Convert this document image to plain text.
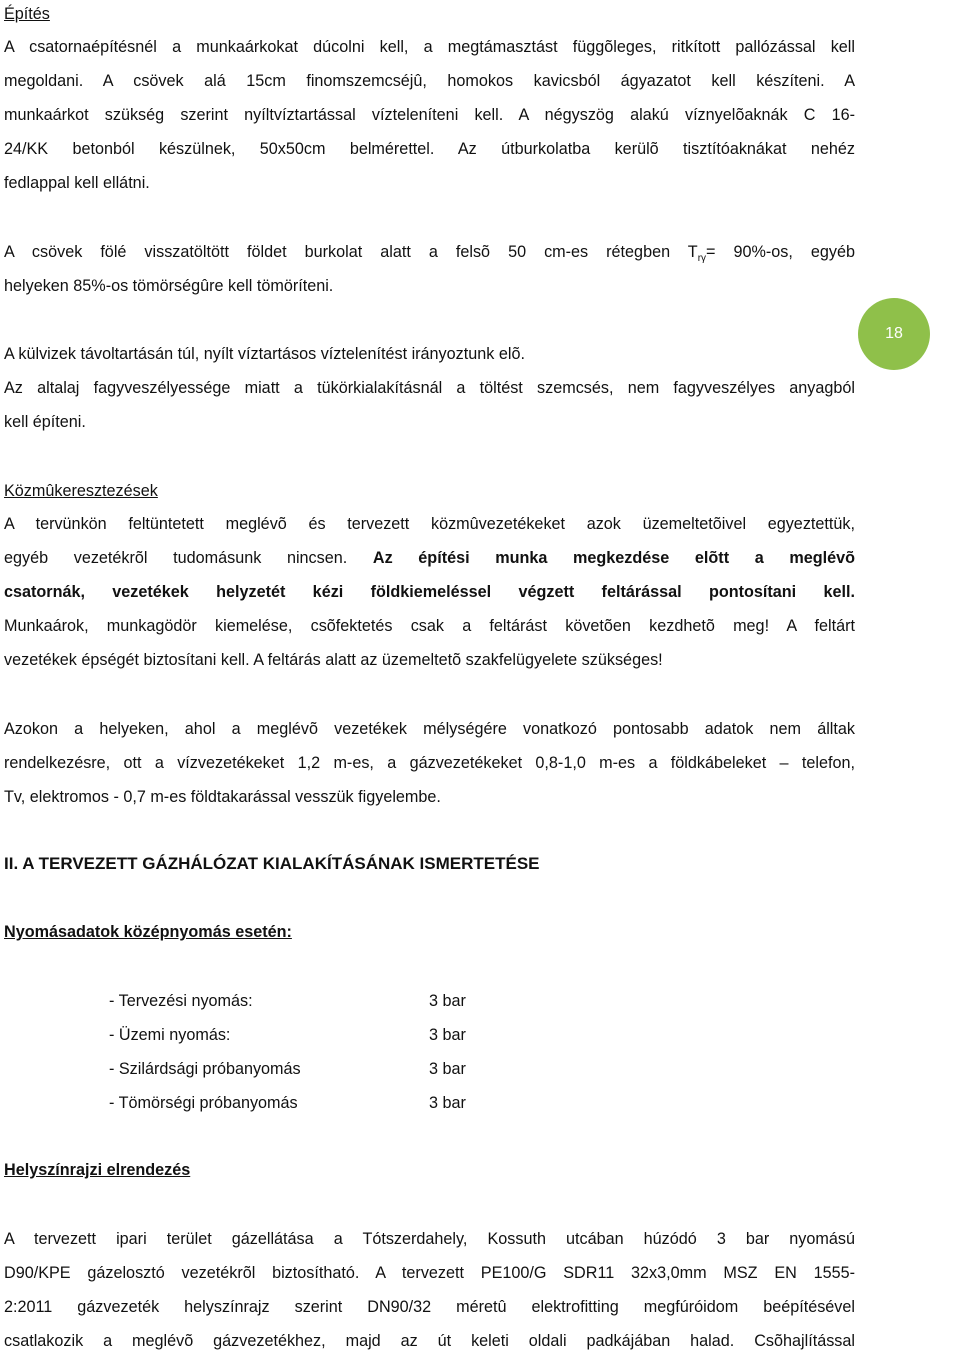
Építés
A csatornaépítésnél a munkaárkokat dúcolni kell, a megtámasztást függõleges, ritkított pallózással kell
megoldani. A csövek alá 15cm finomszemcséjû, homokos kavicsból ágyazatot kell készíteni. A
munkaárkot szükség szerint nyíltvíztartással vízteleníteni kell. A négyszög alakú víznyelõaknák C 16-
24/KK betonból készülnek, 50x50cm belmérettel. Az útburkolatba kerülõ tisztítóaknákat nehéz
fedlappal kell ellátni.
A csövek fölé visszatöltött földet burkolat alatt a felsõ 50 cm-es rétegben $T_{r\gamma}= 90\%-os$, egyéb
helyeken 85%-os tömörségûre kell tömöríteni.
18
A külvizek távoltartásán túl, nyílt víztartásos víztelenítést irányoztunk elõ.
Az altalaj fagyveszélyessége miatt a tükörkialakításnál a töltést szemcsés, nem fagyveszélyes anyagból
kell építeni.
Közmûkeresztezések
A tervünkön feltüntetett meglévõ és tervezett közmûvezetékeket azok üzemeltetõivel egyeztettük,
egyéb vezetékrõl tudomásunk nincsen. Az építési munka megkezdése elõtt a meglévõ
csatornák, vezetékek helyzetét kézi földkiemeléssel végzett feltárással pontosítani kell.
Munkaárok, munkagödör kiemelése, csõfektetés csak a feltárást követõen kezdhetõ meg! A feltárt
vezetékek épségét biztosítani kell. A feltárás alatt az üzemeltetõ szakfelügyelete szükséges!
Azokon a helyeken, ahol a meglévõ vezetékek mélységére vonatkozó pontosabb adatok nem álltak
rendelkezésre, ott a vízvezetékeket 1,2 m-es, a gázvezetékeket 0,8-1,0 m-es a földkábeleket – telefon,
Tv, elektromos - 0,7 m-es földtakarással vesszük figyelembe.
II. A TERVEZETT GÁZHÁLÓZAT KIALAKÍTÁSÁNAK ISMERTETÉSE
Nyomásadatok középnyomás esetén:
- Tervezési nyomás:	3 bar
- Üzemi nyomás:	3 bar
- Szilárdsági próbanyomás	3 bar
- Tömörségi próbanyomás	3 bar
Helyszínrajzi elrendezés
A tervezett ipari terület gázellátása a Tótszerdahely, Kossuth utcában húzódó 3 bar nyomású
D90/KPE gázelosztó vezetékrõl biztosítható. A tervezett PE100/G SDR11 32x3,0mm MSZ EN 1555-
2:2011 gázvezeték helyszínrajz szerint DN90/32 méretû elektrofitting megfúróidom beépítésével
csatlakozik a meglévõ gázvezetékhez, majd az út keleti oldali padkájában halad. Csõhajlítással
